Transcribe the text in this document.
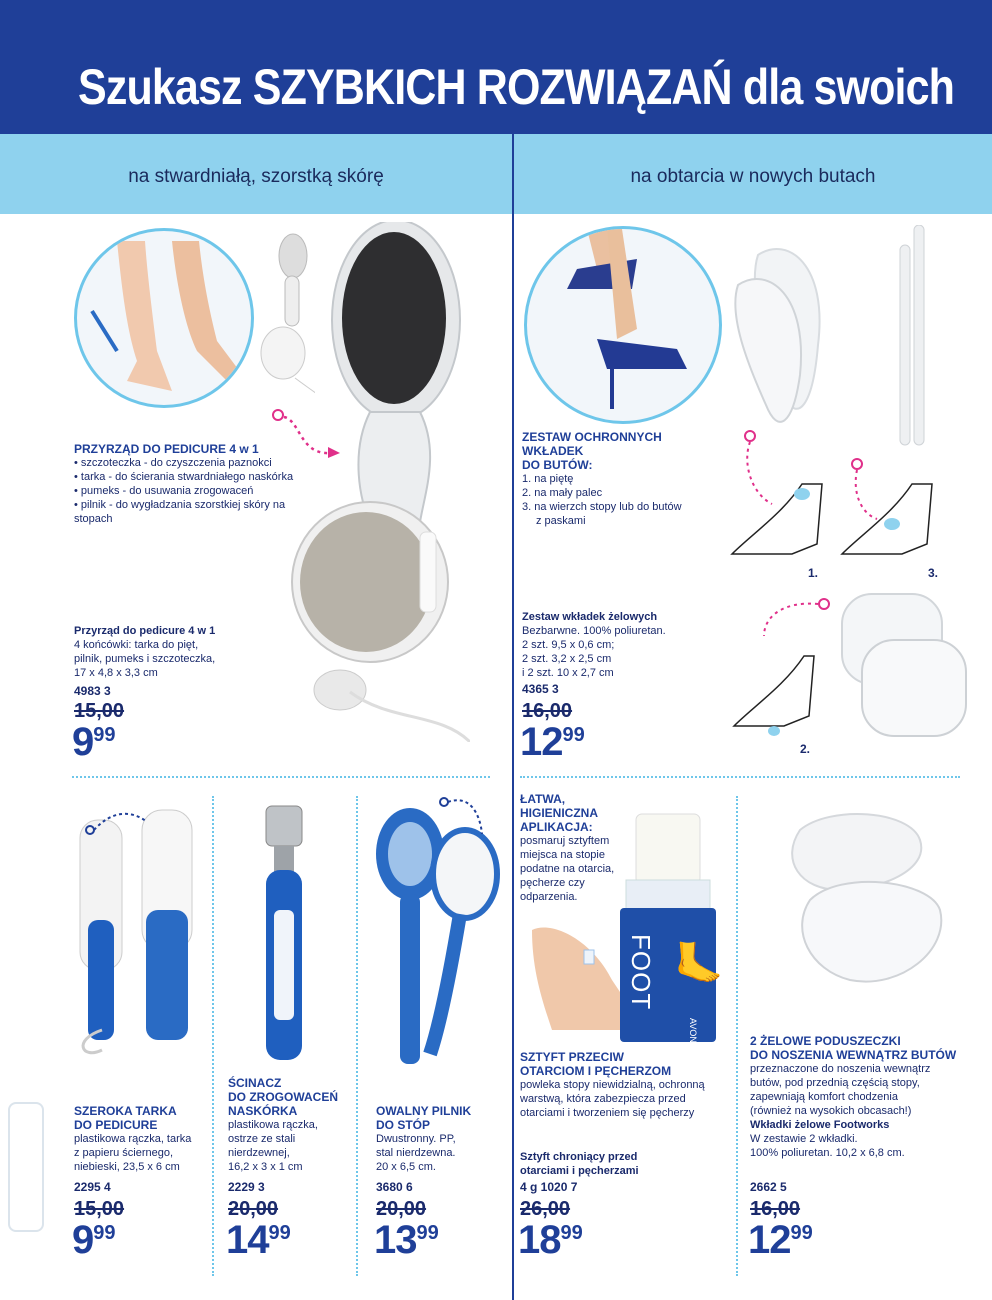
Szukasz SZYBKICH ROZWIĄZAŃ dla swoich
na stwardniałą, szorstką skórę	na obtarcia w nowych butach
PRZYRZĄD DO PEDICURE 4 w 1
• szczoteczka - do czyszczenia paznokci
• tarka - do ścierania stwardniałego naskórka
• pumeks - do usuwania zrogowaceń
• pilnik - do wygładzania szorstkiej skóry na stopach
Przyrząd do pedicure 4 w 1
4 końcówki: tarka do pięt,
pilnik, pumeks i szczoteczka,
17 x 4,8 x 3,3 cm
4983 3
15,00
$9^{99}$
1.	3.
2.
ZESTAW OCHRONNYCH WKŁADEK
DO BUTÓW:
1. na piętę
2. na mały palec
3. na wierzch stopy lub do butów
z paskami
Zestaw wkładek żelowych
Bezbarwne. 100% poliuretan.
2 szt. 9,5 x 0,6 cm;
2 szt. 3,2 x 2,5 cm
i 2 szt. 10 x 2,7 cm
4365 3
16,00
$12^{99}$
SZEROKA TARKA
DO PEDICURE
plastikowa rączka, tarka
z papieru ściernego,
niebieski, 23,5 x 6 cm
2295 4
15,00
$9^{99}$
ŚCINACZ
DO ZROGOWACEŃ
NASKÓRKA
plastikowa rączka,
ostrze ze stali
nierdzewnej,
16,2 x 3 x 1 cm
2229 3
20,00
$14^{99}$
OWALNY PILNIK
DO STÓP
Dwustronny. PP,
stal nierdzewna.
20 x 6,5 cm.
3680 6
20,00
$13^{99}$
ŁATWA,
HIGIENICZNA
APLIKACJA:
posmaruj sztyftem
miejsca na stopie
podatne na otarcia,
pęcherze czy
odparzenia.
FOOT 🦶
AVON
SZTYFT PRZECIW
OTARCIOM I PĘCHERZOM
powleka stopy niewidzialną, ochronną
warstwą, która zabezpiecza przed
otarciami i tworzeniem się pęcherzy
Sztyft chroniący przed
otarciami i pęcherzami
4 g 1020 7
26,00
$18^{99}$
2 ŻELOWE PODUSZECZKI
DO NOSZENIA WEWNĄTRZ BUTÓW
przeznaczone do noszenia wewnątrz
butów, pod przednią częścią stopy,
zapewniają komfort chodzenia
(również na wysokich obcasach!)
Wkładki żelowe Footworks
W zestawie 2 wkładki.
100% poliuretan. 10,2 x 6,8 cm.
2662 5
16,00
$12^{99}$
